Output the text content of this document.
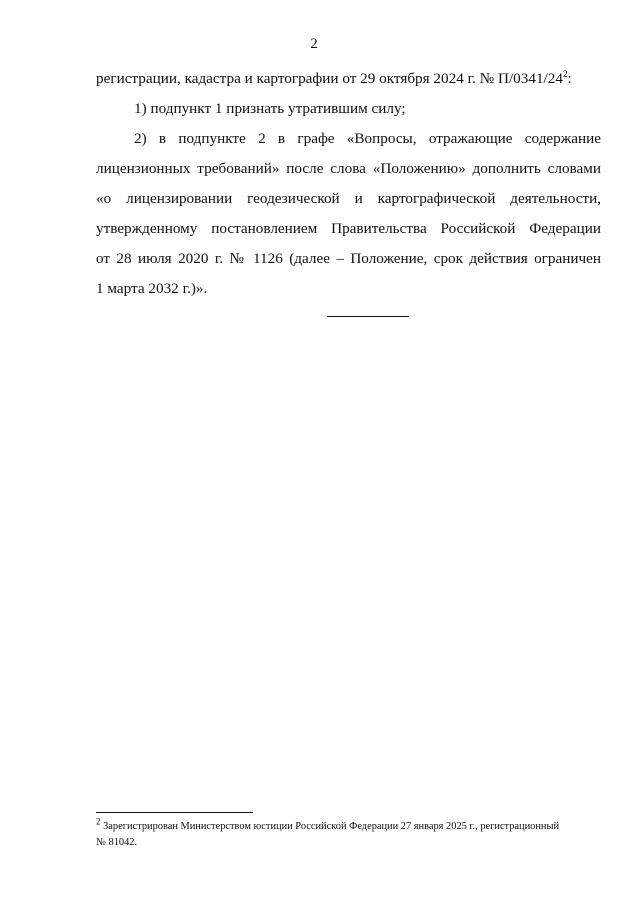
2
регистрации, кадастра и картографии от 29 октября 2024 г. № $П/0341/24^2$:
1) подпункт 1 признать утратившим силу;
2) в подпункте 2 в графе «Вопросы, отражающие содержание
лицензионных требований» после слова «Положению» дополнить словами
«о лицензировании геодезической и картографической деятельности,
утвержденному постановлением Правительства Российской Федерации
от 28 июля 2020 г. № 1126 (далее – Положение, срок действия ограничен
1 марта 2032 г.)».
$^2$ Зарегистрирован Министерством юстиции Российской Федерации 27 января 2025 г., регистрационный
№ 81042.
